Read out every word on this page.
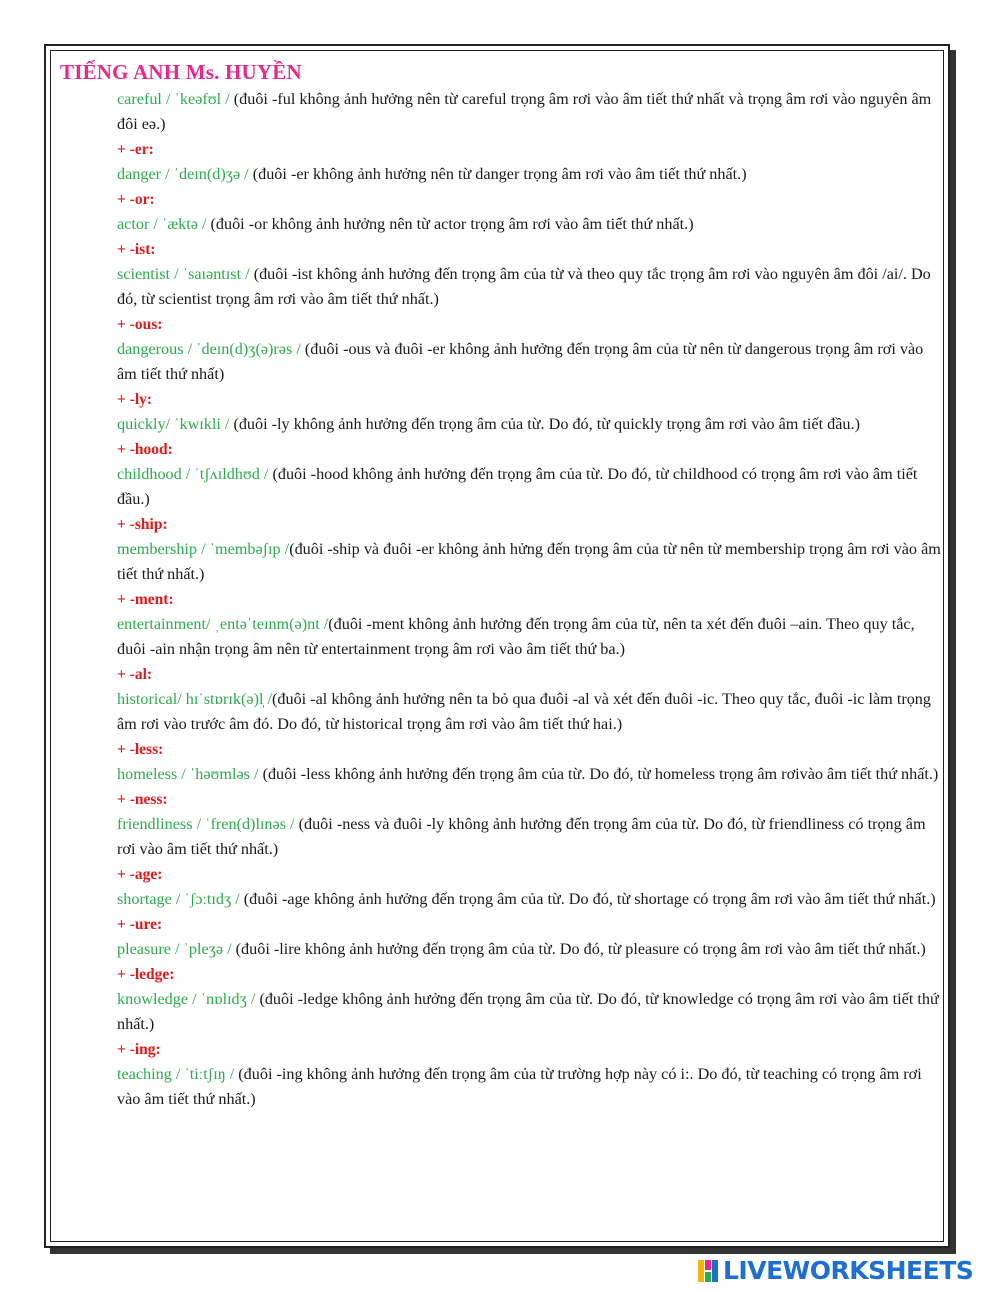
TIẾNG ANH Ms. HUYỀN
careful / ˈkeəfʊl / (đuôi -ful không ảnh hưởng nên từ careful trọng âm rơi vào âm tiết thứ nhất và trọng âm rơi vào nguyên âm đôi eə.)
+ -er:
danger / ˈdeɪn(d)ʒə / (đuôi -er không ảnh hưởng nên từ danger trọng âm rơi vào âm tiết thứ nhất.)
+ -or:
actor / ˈæktə / (đuôi -or không ảnh hưởng nên từ actor trọng âm rơi vào âm tiết thứ nhất.)
+ -ist:
scientist / ˈsaɪəntɪst / (đuôi -ist không ảnh hưởng đến trọng âm của từ và theo quy tắc trọng âm rơi vào nguyên âm đôi /ai/. Do đó, từ scientist trọng âm rơi vào âm tiết thứ nhất.)
+ -ous:
dangerous / ˈdeɪn(d)ʒ(ə)rəs / (đuôi -ous và đuôi -er không ảnh hưởng đến trọng âm của từ nên từ dangerous trọng âm rơi vào âm tiết thứ nhất)
+ -ly:
quickly/ ˈkwɪkli / (đuôi -ly không ảnh hưởng đến trọng âm của từ. Do đó, từ quickly trọng âm rơi vào âm tiết đầu.)
+ -hood:
childhood / ˈtʃʌɪldhʊd / (đuôi -hood không ảnh hưởng đến trọng âm của từ. Do đó, từ childhood có trọng âm rơi vào âm tiết đầu.)
+ -ship:
membership / ˈmembəʃɪp /(đuôi -ship và đuôi -er không ảnh hửng đến trọng âm của từ nên từ membership trọng âm rơi vào âm tiết thứ nhất.)
+ -ment:
entertainment/ ˌentəˈteɪnm(ə)nt /(đuôi -ment không ảnh hưởng đến trọng âm của từ, nên ta xét đến đuôi –ain. Theo quy tắc, đuôi -ain nhận trọng âm nên từ entertainment trọng âm rơi vào âm tiết thứ ba.)
+ -al:
historical/ hɪˈstɒrɪk(ə)l̩ /(đuôi -al không ảnh hưởng nên ta bỏ qua đuôi -al và xét đến đuôi -ic. Theo quy tắc, đuôi -ic làm trọng âm rơi vào trước âm đó. Do đó, từ historical trọng âm rơi vào âm tiết thứ hai.)
+ -less:
homeless / ˈhəʊmləs / (đuôi -less không ảnh hưởng đến trọng âm của từ. Do đó, từ homeless trọng âm rơivào âm tiết thứ nhất.)
+ -ness:
friendliness / ˈfren(d)lɪnəs / (đuôi -ness và đuôi -ly không ảnh hưởng đến trọng âm của từ. Do đó, từ friendliness có trọng âm rơi vào âm tiết thứ nhất.)
+ -age:
shortage / ˈʃɔːtɪdʒ / (đuôi -age không ảnh hưởng đến trọng âm của từ. Do đó, từ shortage có trọng âm rơi vào âm tiết thứ nhất.)
+ -ure:
pleasure / ˈpleʒə / (đuôi -lire không ảnh hưởng đến trọng âm của từ. Do đó, từ pleasure có trọng âm rơi vào âm tiết thứ nhất.)
+ -ledge:
knowledge / ˈnɒlɪdʒ / (đuôi -ledge không ảnh hưởng đến trọng âm của từ. Do đó, từ knowledge có trọng âm rơi vào âm tiết thứ nhất.)
+ -ing:
teaching / ˈtiːtʃɪŋ / (đuôi -ing không ảnh hưởng đến trọng âm của từ trường hợp này có i:. Do đó, từ teaching có trọng âm rơi vào âm tiết thứ nhất.)
LIVEWORKSHEETS
